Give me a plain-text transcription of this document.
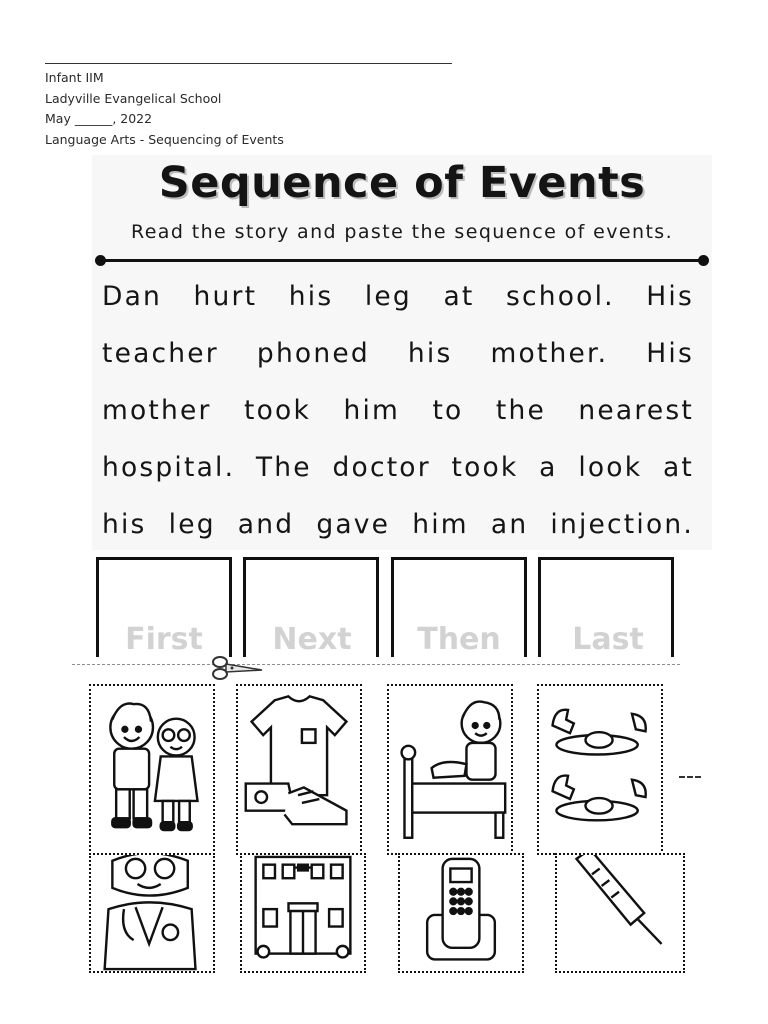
Infant IIM
Ladyville Evangelical School
May ______, 2022
Language Arts - Sequencing of Events
Sequence of Events
Read the story and paste the sequence of events.
Dan hurt his leg at school. His
teacher phoned his mother. His
mother took him to the nearest
hospital. The doctor took a look at
his leg and gave him an injection.
First	Next	Then	Last
